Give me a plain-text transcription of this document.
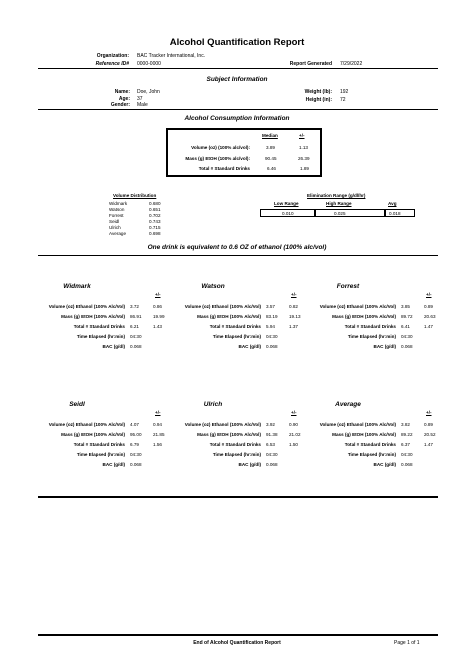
Alcohol Quantification Report
Organization: BAC Tracker International, Inc.
Reference ID# 0000-0000	Report Generated 7/29/2022
Subject Information
Name: Doe, John
Age: 37
Gender: Male
Weight (lb): 192
Height (in): 72
Alcohol Consumption Information
Median	+/-
Volume (oz) (100% alc/vol):	3.89	1.13
Mass (g) EtOH (100% alc/vol):	90.45	26.39
Total # Standard Drinks	6.46	1.89
Volume Distribution
Widmark	0.680
Watson	0.651
Forrest	0.702
Seidl	0.743
Ulrich	0.715
Average	0.698
Elimination Range (g/dl/hr)
Low Range	High Range	Avg
0.010	0.025	0.018
One drink is equivalent to 0.6 OZ of ethanol (100% alc/vol)
Widmark
+/-
Volume (oz) Ethanol (100% Alc/Vol) 3.72	0.86
Mass (g) EtOH (100% Alc/Vol) 86.91	19.99
Total # Standard Drinks 6.21	1.43
Time Elapsed (hr:min) 04:30
BAC (g/dl) 0.068
Watson
+/-
Volume (oz) Ethanol (100% Alc/Vol) 3.57	0.82
Mass (g) EtOH (100% Alc/Vol) 83.19	19.13
Total # Standard Drinks 5.94	1.37
Time Elapsed (hr:min) 04:30
BAC (g/dl) 0.068
Forrest
+/-
Volume (oz) Ethanol (100% Alc/Vol) 3.85	0.89
Mass (g) EtOH (100% Alc/Vol) 89.72	20.63
Total # Standard Drinks 6.41	1.47
Time Elapsed (hr:min) 04:30
BAC (g/dl) 0.068
Seidl
+/-
Volume (oz) Ethanol (100% Alc/Vol) 4.07	0.94
Mass (g) EtOH (100% Alc/Vol) 95.00	21.85
Total # Standard Drinks 6.79	1.56
Time Elapsed (hr:min) 04:30
BAC (g/dl) 0.068
Ulrich
+/-
Volume (oz) Ethanol (100% Alc/Vol) 3.92	0.90
Mass (g) EtOH (100% Alc/Vol) 91.38	21.02
Total # Standard Drinks 6.53	1.50
Time Elapsed (hr:min) 04:30
BAC (g/dl) 0.068
Average
+/-
Volume (oz) Ethanol (100% Alc/Vol) 3.82	0.89
Mass (g) EtOH (100% Alc/Vol) 89.22	20.52
Total # Standard Drinks 6.37	1.47
Time Elapsed (hr:min) 04:30
BAC (g/dl) 0.068
End of Alcohol Quantification Report	Page 1 of 1
